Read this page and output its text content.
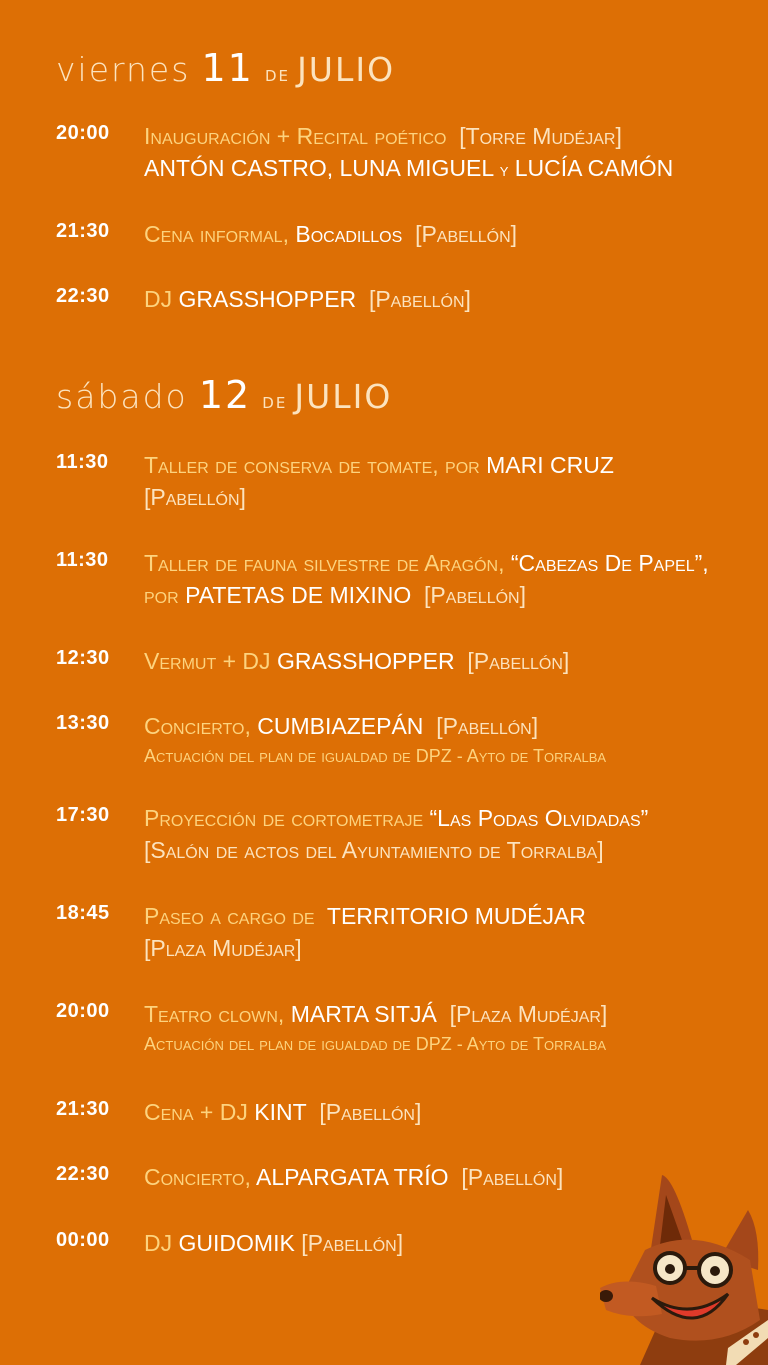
viernes 11 de JULIO
20:00 Inauguración + Recital poético [Torre Mudéjar]
ANTÓN CASTRO, LUNA MIGUEL y LUCÍA CAMÓN
21:30 Cena informal, Bocadillos [Pabellón]
22:30 DJ GRASSHOPPER [Pabellón]
sábado 12 de JULIO
11:30 Taller de conserva de tomate, por MARI CRUZ
[Pabellón]
11:30 Taller de fauna silvestre de Aragón, “Cabezas De Papel”, por PATETAS DE MIXINO [Pabellón]
12:30 Vermut + DJ GRASSHOPPER [Pabellón]
13:30 Concierto, CUMBIAZEPÁN [Pabellón]
Actuación del plan de igualdad de DPZ - Ayto de Torralba
17:30 Proyección de cortometraje “Las Podas Olvidadas”
[Salón de actos del Ayuntamiento de Torralba]
18:45 Paseo a cargo de TERRITORIO MUDÉJAR
[Plaza Mudéjar]
20:00 Teatro clown, MARTA SITJÁ [Plaza Mudéjar]
Actuación del plan de igualdad de DPZ - Ayto de Torralba
21:30 Cena + DJ KINT [Pabellón]
22:30 Concierto, ALPARGATA TRÍO [Pabellón]
00:00 DJ GUIDOMIK [Pabellón]
